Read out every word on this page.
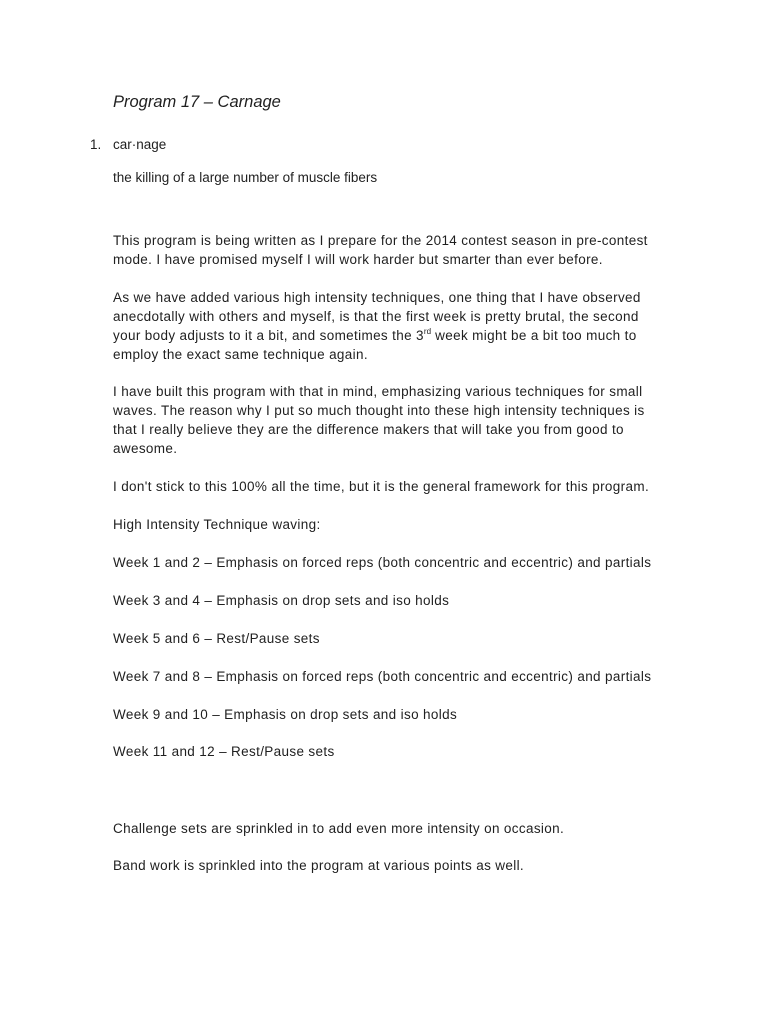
Program 17 – Carnage
1. car·nage
the killing of a large number of muscle fibers

This program is being written as I prepare for the 2014 contest season in pre-contest
mode. I have promised myself I will work harder but smarter than ever before.

As we have added various high intensity techniques, one thing that I have observed
anecdotally with others and myself, is that the first week is pretty brutal, the second
your body adjusts to it a bit, and sometimes the 3rd week might be a bit too much to
employ the exact same technique again.

I have built this program with that in mind, emphasizing various techniques for small
waves. The reason why I put so much thought into these high intensity techniques is
that I really believe they are the difference makers that will take you from good to
awesome.

I don't stick to this 100% all the time, but it is the general framework for this program.

High Intensity Technique waving:

Week 1 and 2 – Emphasis on forced reps (both concentric and eccentric) and partials

Week 3 and 4 – Emphasis on drop sets and iso holds

Week 5 and 6 – Rest/Pause sets

Week 7 and 8 – Emphasis on forced reps (both concentric and eccentric) and partials

Week 9 and 10 – Emphasis on drop sets and iso holds

Week 11 and 12 – Rest/Pause sets

Challenge sets are sprinkled in to add even more intensity on occasion.

Band work is sprinkled into the program at various points as well.
